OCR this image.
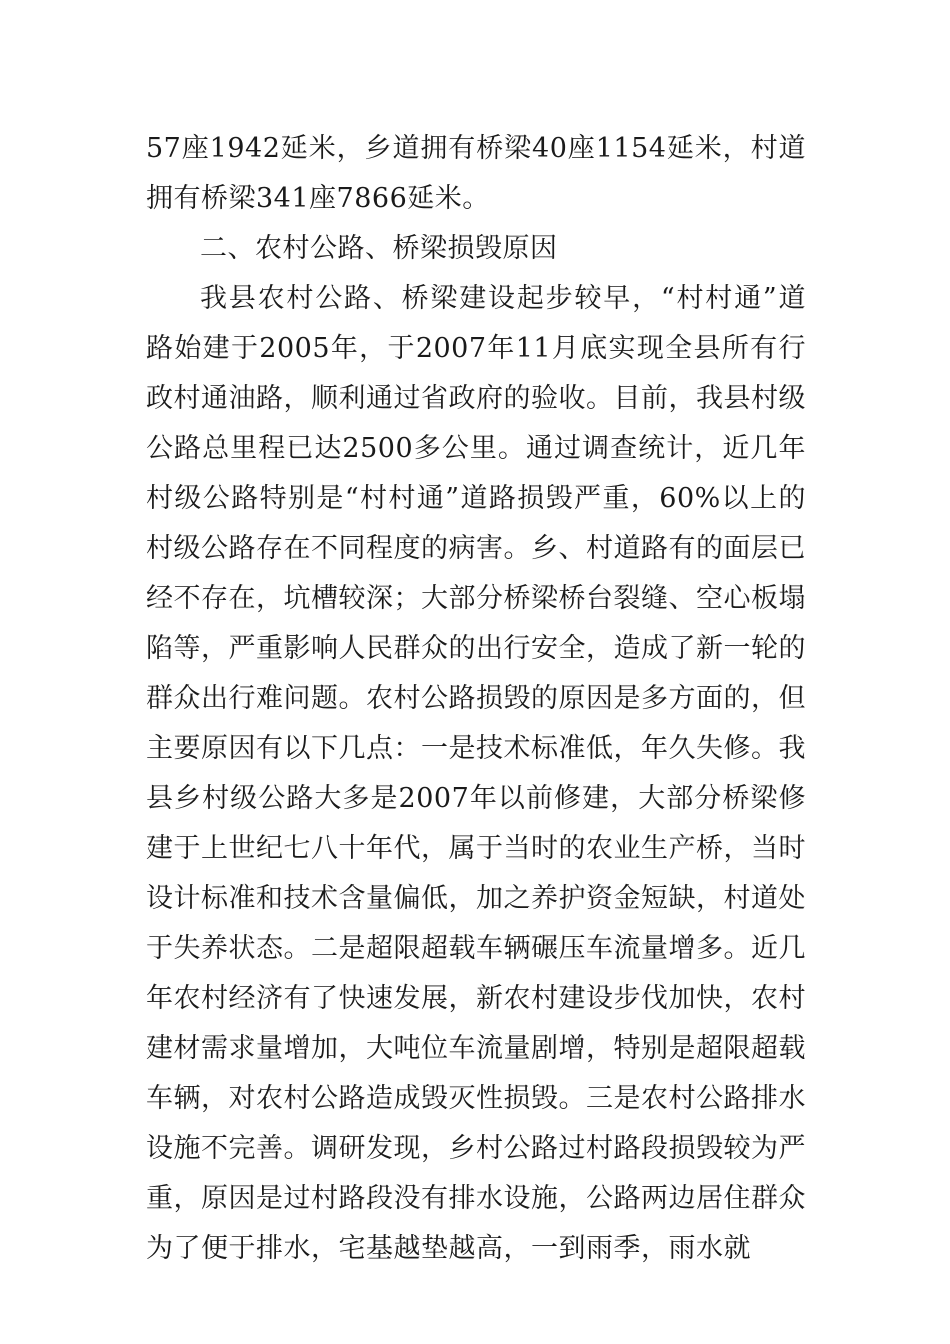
57座1942延米，乡道拥有桥梁40座1154延米，村道拥有桥梁341座7866延米。

二、农村公路、桥梁损毁原因

我县农村公路、桥梁建设起步较早，“村村通”道路始建于2005年，于2007年11月底实现全县所有行政村通油路，顺利通过省政府的验收。目前，我县村级公路总里程已达2500多公里。通过调查统计，近几年村级公路特别是“村村通”道路损毁严重，60%以上的村级公路存在不同程度的病害。乡、村道路有的面层已经不存在，坑槽较深；大部分桥梁桥台裂缝、空心板塌陷等，严重影响人民群众的出行安全，造成了新一轮的群众出行难问题。农村公路损毁的原因是多方面的，但主要原因有以下几点：一是技术标准低，年久失修。我县乡村级公路大多是2007年以前修建，大部分桥梁修建于上世纪七八十年代，属于当时的农业生产桥，当时设计标准和技术含量偏低，加之养护资金短缺，村道处于失养状态。二是超限超载车辆碾压车流量增多。近几年农村经济有了快速发展，新农村建设步伐加快，农村建材需求量增加，大吨位车流量剧增，特别是超限超载车辆，对农村公路造成毁灭性损毁。三是农村公路排水设施不完善。调研发现，乡村公路过村路段损毁较为严重，原因是过村路段没有排水设施，公路两边居住群众为了便于排水，宅基越垫越高，一到雨季，雨水就
